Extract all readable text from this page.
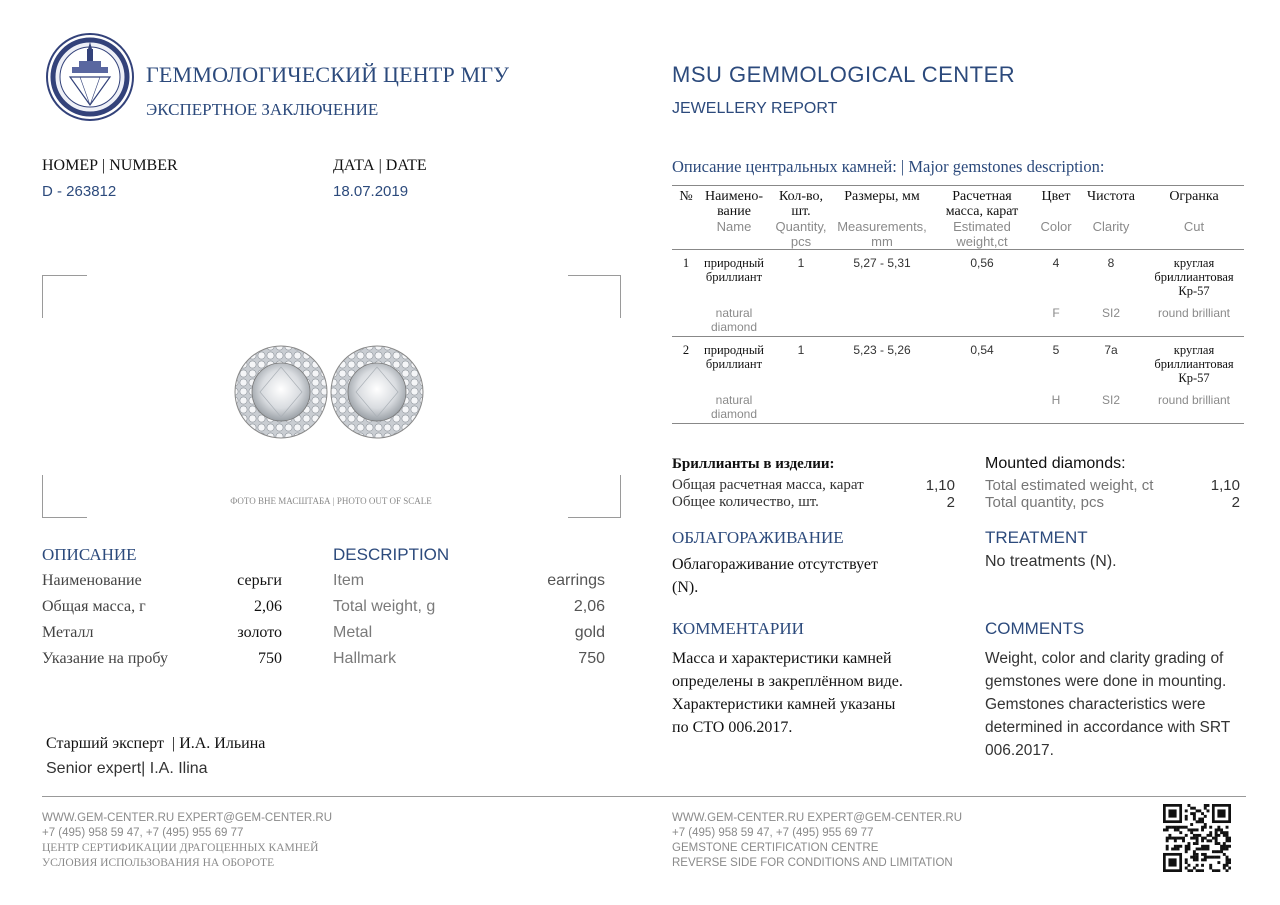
ГЕММОЛОГИЧЕСКИЙ ЦЕНТР МГУ
ЭКСПЕРТНОЕ ЗАКЛЮЧЕНИЕ
MSU GEMMOLOGICAL CENTER
JEWELLERY REPORT
НОМЕР | NUMBER
D - 263812
ДАТА | DATE
18.07.2019
ФОТО ВНЕ МАСШТАБА | PHOTO OUT OF SCALE
ОПИСАНИЕ
Наименование	серьги
Общая масса, г	2,06
Металл	золото
Указание на пробу	750
DESCRIPTION
Item	earrings
Total weight, g	2,06
Metal	gold
Hallmark	750
Старший эксперт  | И.А. Ильина
Senior expert| I.A. Ilina
Описание центральных камней: | Major gemstones description:
№	Наимено-вание	Кол-во, шт.	Размеры, мм	Расчетная масса, карат	Цвет	Чистота	Огранка
	Name	Quantity, pcs	Measurements, mm	Estimated weight,ct	Color	Clarity	Cut
1	природный бриллиант	1	5,27 - 5,31	0,56	4	8	круглая бриллиантовая Кр-57
	natural diamond				F	SI2	round brilliant
2	природный бриллиант	1	5,23 - 5,26	0,54	5	7а	круглая бриллиантовая Кр-57
	natural diamond				H	SI2	round brilliant
Бриллианты в изделии:
Общая расчетная масса, карат	1,10
Общее количество, шт.	2
Mounted diamonds:
Total estimated weight, ct	1,10
Total quantity, pcs	2
ОБЛАГОРАЖИВАНИЕ
Облагораживание отсутствует (N).
TREATMENT
No treatments (N).
КОММЕНТАРИИ
Масса и характеристики камней
определены в закреплённом виде.
Характеристики камней указаны
по СТО 006.2017.
COMMENTS
Weight, color and clarity grading of
gemstones were done in mounting.
Gemstones characteristics were
determined in accordance with SRT
006.2017.
WWW.GEM-CENTER.RU EXPERT@GEM-CENTER.RU
+7 (495) 958 59 47, +7 (495) 955 69 77
ЦЕНТР СЕРТИФИКАЦИИ ДРАГОЦЕННЫХ КАМНЕЙ
УСЛОВИЯ ИСПОЛЬЗОВАНИЯ НА ОБОРОТЕ
WWW.GEM-CENTER.RU EXPERT@GEM-CENTER.RU
+7 (495) 958 59 47, +7 (495) 955 69 77
GEMSTONE CERTIFICATION CENTRE
REVERSE SIDE FOR CONDITIONS AND LIMITATION
